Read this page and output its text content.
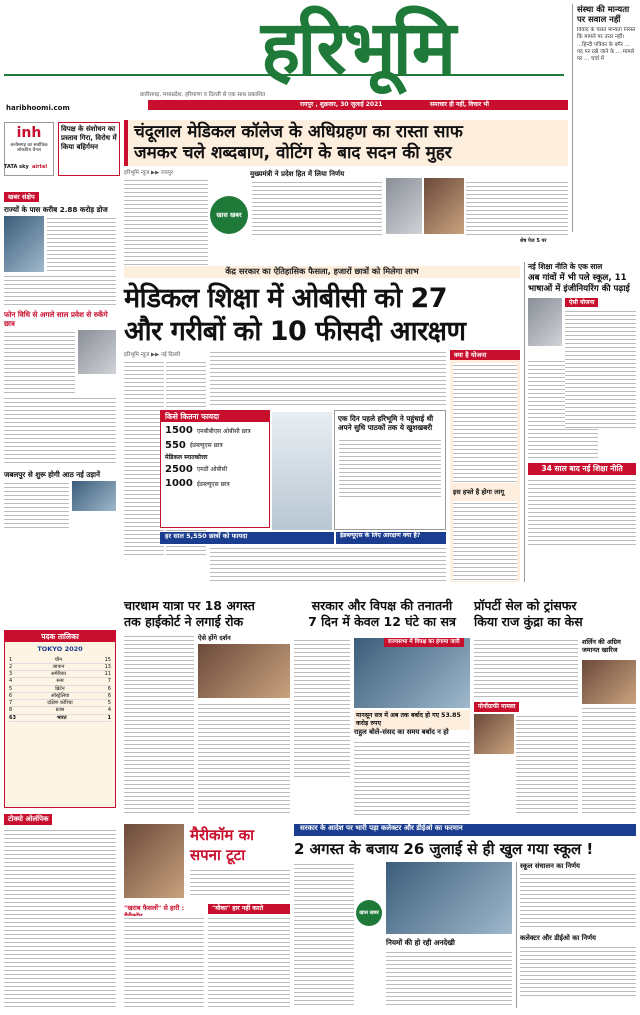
हरिभूमि
छत्तीसगढ़, मध्यप्रदेश, हरियाणा व दिल्ली से एक साथ प्रकाशित
haribhoomi.com	रायपुर , शुक्रवार, 30 जुलाई 2021	समाचार ही नहीं, विचार भी
संस्था की मान्यता पर सवाल नहीं
विवाद के चलते मान्यता निरस्त कि मामले पर उत्तर नहीं। ...हिन्दी पत्रिका के बगैर ... पद पर रखे जाने के ... मामले पर ... चर्चा में
inh
छत्तीसगढ़ का सर्वाधिक लोकप्रिय चैनल
TATA sky airtel
विपक्ष के संशोधन का प्रस्ताव गिरा, विरोध में किया बहिर्गमन
चंदूलाल मेडिकल कॉलेज के अधिग्रहण का रास्ता साफ
जमकर चले शब्दबाण, वोटिंग के बाद सदन की मुहर
हरिभूमि न्यूज ▶▶ रायपुर	मुख्यमंत्री ने प्रदेश हित में लिया निर्णय
खास खबर
शेष पेज 5 पर
खबर संक्षेप
राज्यों के पास करीब 2.88 करोड़ डोज
फोन विधि से अगले साल प्रवेश से रुकेंगे छात्र
जबलपुर से शुरू होगी आठ नई उड़ानें
पदक तालिका
TOKYO 2020
1	चीन	15
2	जापान	13
3	अमेरिका	11
4	रूस	7
5	ब्रिटेन	6
6	ऑस्ट्रेलिया	6
7	दक्षिण कोरिया	5
8	फ्रांस	4
63	भारत	1
टोक्यो ओलंपिक
केंद्र सरकार का ऐतिहासिक फैसला, हजारों छात्रों को मिलेगा लाभ
मेडिकल शिक्षा में ओबीसी को 27
और गरीबों को 10 फीसदी आरक्षण
हरिभूमि न्यूज ▶▶ नई दिल्ली
किसे कितना फायदा
1500 एमबीबीएस ओबीसी छात्र
550 ईडब्ल्यूएस छात्र
मेडिकल स्नातकोत्तर
2500 एमडी ओबीसी
1000 ईडब्ल्यूएस छात्र
एक दिन पहले हरिभूमि ने पहुंचाई थी अपने सुधि पाठकों तक ये खुशखबरी
हर साल 5,550 छात्रों को फायदा	ईडब्ल्यूएस के लिए आरक्षण क्या है?
क्या है योजना
इस हफ्ते है होगा लागू
नई शिक्षा नीति के एक साल
अब गांवों में भी पले स्कूल, 11 भाषाओं में इंजीनियरिंग की पढ़ाई
ऐसी योजना
34 साल बाद नई शिक्षा नीति
चारधाम यात्रा पर 18 अगस्त
तक हाईकोर्ट ने लगाई रोक
ऐसे होंगे दर्शन
सरकार और विपक्ष की तनातनी
7 दिन में केवल 12 घंटे का सत्र
राज्यसभा में विपक्ष का हंगामा जारी
मानसून सत्र में अब तक बर्बाद हो गए 53.85 करोड़ रुपए
राहुल बोले-संसद का समय बर्बाद न हो
प्रॉपर्टी सेल को ट्रांसफर
किया राज कुंद्रा का केस
पोर्नोग्राफी मामला
शर्लिन की अग्रिम जमानत खारिज
मैरीकॉम का
सपना टूटा
"खराब फैसलों" से हारी :	"मौका" हार नहीं करते
सरकार के आदेश पर भारी पड़ा कलेक्टर और डीईओ का फरमान
2 अगस्त के बजाय 26 जुलाई से ही खुल गया स्कूल !
खास खबर
नियमों की हो रही अनदेखी
स्कूल संचालन का निर्णय
कलेक्टर और डीईओ का निर्णय
